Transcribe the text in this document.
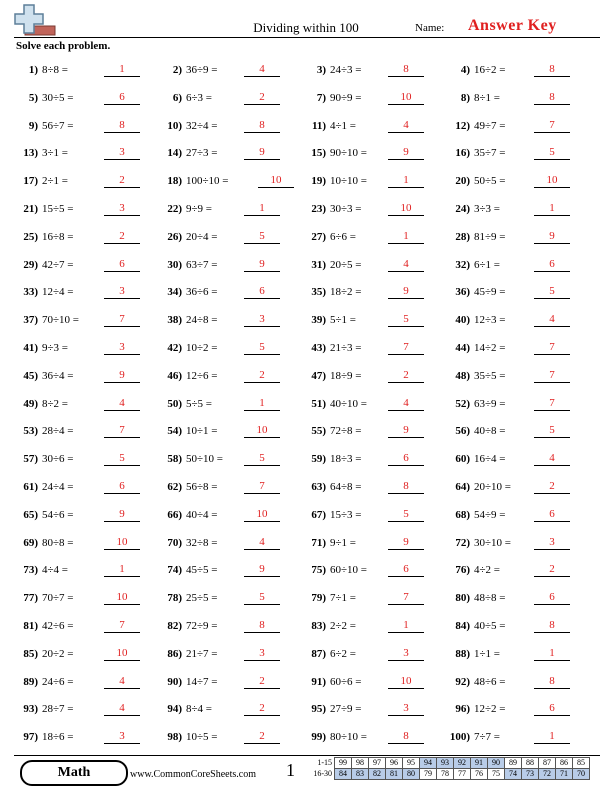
Dividing within 100	Name: Answer Key
Solve each problem.
1) 8÷8 =	1	2) 36÷9 =	4	3) 24÷3 =	8	4) 16÷2 =	8
5) 30÷5 =	6	6) 6÷3 =	2	7) 90÷9 =	10	8) 8÷1 =	8
9) 56÷7 =	8	10) 32÷4 =	8	11) 4÷1 =	4	12) 49÷7 =	7
13) 3÷1 =	3	14) 27÷3 =	9	15) 90÷10 =	9	16) 35÷7 =	5
17) 2÷1 =	2	18) 100÷10 =	10	19) 10÷10 =	1	20) 50÷5 =	10
21) 15÷5 =	3	22) 9÷9 =	1	23) 30÷3 =	10	24) 3÷3 =	1
25) 16÷8 =	2	26) 20÷4 =	5	27) 6÷6 =	1	28) 81÷9 =	9
29) 42÷7 =	6	30) 63÷7 =	9	31) 20÷5 =	4	32) 6÷1 =	6
33) 12÷4 =	3	34) 36÷6 =	6	35) 18÷2 =	9	36) 45÷9 =	5
37) 70÷10 =	7	38) 24÷8 =	3	39) 5÷1 =	5	40) 12÷3 =	4
41) 9÷3 =	3	42) 10÷2 =	5	43) 21÷3 =	7	44) 14÷2 =	7
45) 36÷4 =	9	46) 12÷6 =	2	47) 18÷9 =	2	48) 35÷5 =	7
49) 8÷2 =	4	50) 5÷5 =	1	51) 40÷10 =	4	52) 63÷9 =	7
53) 28÷4 =	7	54) 10÷1 =	10	55) 72÷8 =	9	56) 40÷8 =	5
57) 30÷6 =	5	58) 50÷10 =	5	59) 18÷3 =	6	60) 16÷4 =	4
61) 24÷4 =	6	62) 56÷8 =	7	63) 64÷8 =	8	64) 20÷10 =	2
65) 54÷6 =	9	66) 40÷4 =	10	67) 15÷3 =	5	68) 54÷9 =	6
69) 80÷8 =	10	70) 32÷8 =	4	71) 9÷1 =	9	72) 30÷10 =	3
73) 4÷4 =	1	74) 45÷5 =	9	75) 60÷10 =	6	76) 4÷2 =	2
77) 70÷7 =	10	78) 25÷5 =	5	79) 7÷1 =	7	80) 48÷8 =	6
81) 42÷6 =	7	82) 72÷9 =	8	83) 2÷2 =	1	84) 40÷5 =	8
85) 20÷2 =	10	86) 21÷7 =	3	87) 6÷2 =	3	88) 1÷1 =	1
89) 24÷6 =	4	90) 14÷7 =	2	91) 60÷6 =	10	92) 48÷6 =	8
93) 28÷7 =	4	94) 8÷4 =	2	95) 27÷9 =	3	96) 12÷2 =	6
97) 18÷6 =	3	98) 10÷5 =	2	99) 80÷10 =	8	100) 7÷7 =	1
Math	www.CommonCoreSheets.com 1	1-15	99	98	97	96	95	94	93	92	91	90	89	88	87	86	85
16-30	84	83	82	81	80	79	78	77	76	75	74	73	72	71	70
